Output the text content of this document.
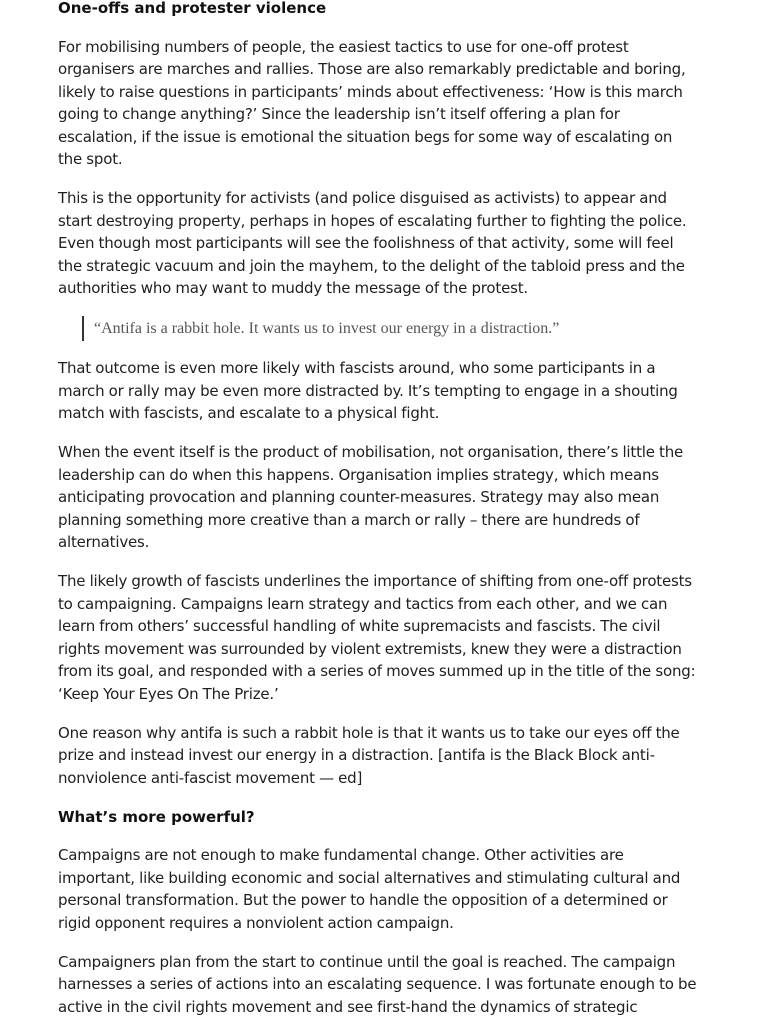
One-offs and protester violence

For mobilising numbers of people, the easiest tactics to use for one-off protest organisers are marches and rallies. Those are also remarkably predictable and boring, likely to raise questions in participants’ minds about effectiveness: ‘How is this march going to change anything?’ Since the leadership isn’t itself offering a plan for escalation, if the issue is emotional the situation begs for some way of escalating on the spot.

This is the opportunity for activists (and police disguised as activists) to appear and start destroying property, perhaps in hopes of escalating further to fighting the police. Even though most participants will see the foolishness of that activity, some will feel the strategic vacuum and join the mayhem, to the delight of the tabloid press and the authorities who may want to muddy the message of the protest.

“Antifa is a rabbit hole. It wants us to invest our energy in a distraction.”

That outcome is even more likely with fascists around, who some participants in a march or rally may be even more distracted by. It’s tempting to engage in a shouting match with fascists, and escalate to a physical fight.

When the event itself is the product of mobilisation, not organisation, there’s little the leadership can do when this happens. Organisation implies strategy, which means anticipating provocation and planning counter-measures. Strategy may also mean planning something more creative than a march or rally – there are hundreds of alternatives.

The likely growth of fascists underlines the importance of shifting from one-off protests to campaigning. Campaigns learn strategy and tactics from each other, and we can learn from others’ successful handling of white supremacists and fascists. The civil rights movement was surrounded by violent extremists, knew they were a distraction from its goal, and responded with a series of moves summed up in the title of the song: ‘Keep Your Eyes On The Prize.’

One reason why antifa is such a rabbit hole is that it wants us to take our eyes off the prize and instead invest our energy in a distraction. [antifa is the Black Block anti-nonviolence anti-fascist movement — ed]

What’s more powerful?

Campaigns are not enough to make fundamental change. Other activities are important, like building economic and social alternatives and stimulating cultural and personal transformation. But the power to handle the opposition of a determined or rigid opponent requires a nonviolent action campaign.

Campaigners plan from the start to continue until the goal is reached. The campaign harnesses a series of actions into an escalating sequence. I was fortunate enough to be active in the civil rights movement and see first-hand the dynamics of strategic
